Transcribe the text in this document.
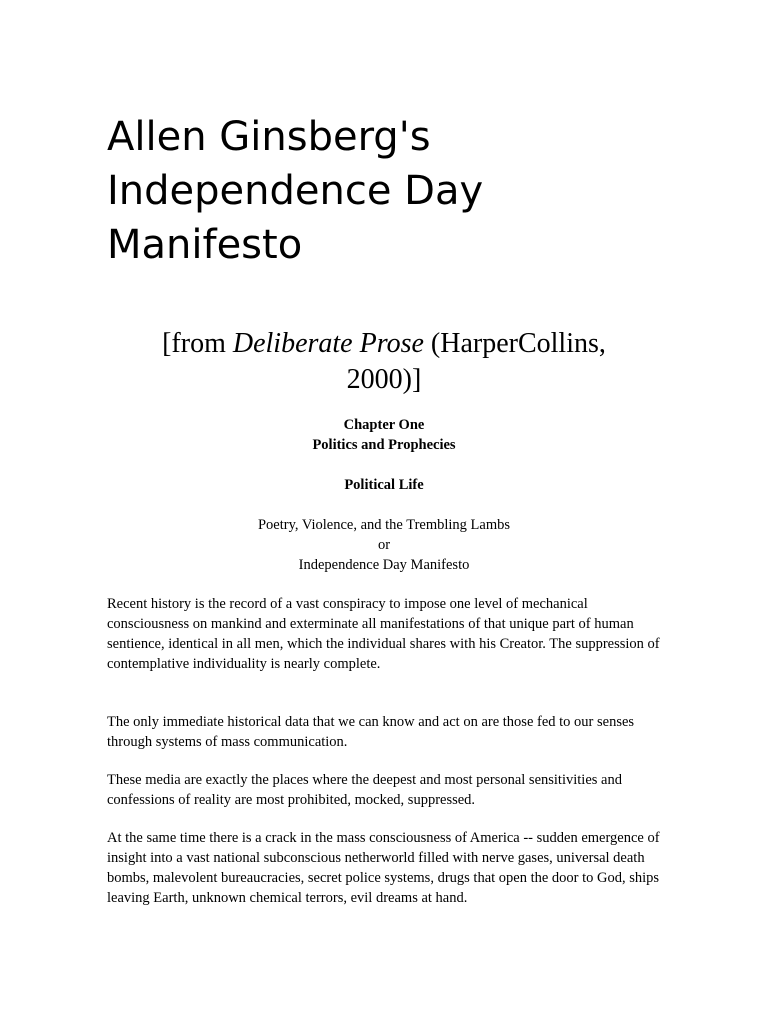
Allen Ginsberg's
Independence Day
Manifesto
[from Deliberate Prose (HarperCollins,
2000)]
Chapter One
Politics and Prophecies
Political Life
Poetry, Violence, and the Trembling Lambs
or
Independence Day Manifesto

Recent history is the record of a vast conspiracy to impose one level of mechanical consciousness on mankind and exterminate all manifestations of that unique part of human sentience, identical in all men, which the individual shares with his Creator. The suppression of contemplative individuality is nearly complete.

The only immediate historical data that we can know and act on are those fed to our senses through systems of mass communication.

These media are exactly the places where the deepest and most personal sensitivities and confessions of reality are most prohibited, mocked, suppressed.

At the same time there is a crack in the mass consciousness of America -- sudden emergence of insight into a vast national subconscious netherworld filled with nerve gases, universal death bombs, malevolent bureaucracies, secret police systems, drugs that open the door to God, ships leaving Earth, unknown chemical terrors, evil dreams at hand.
